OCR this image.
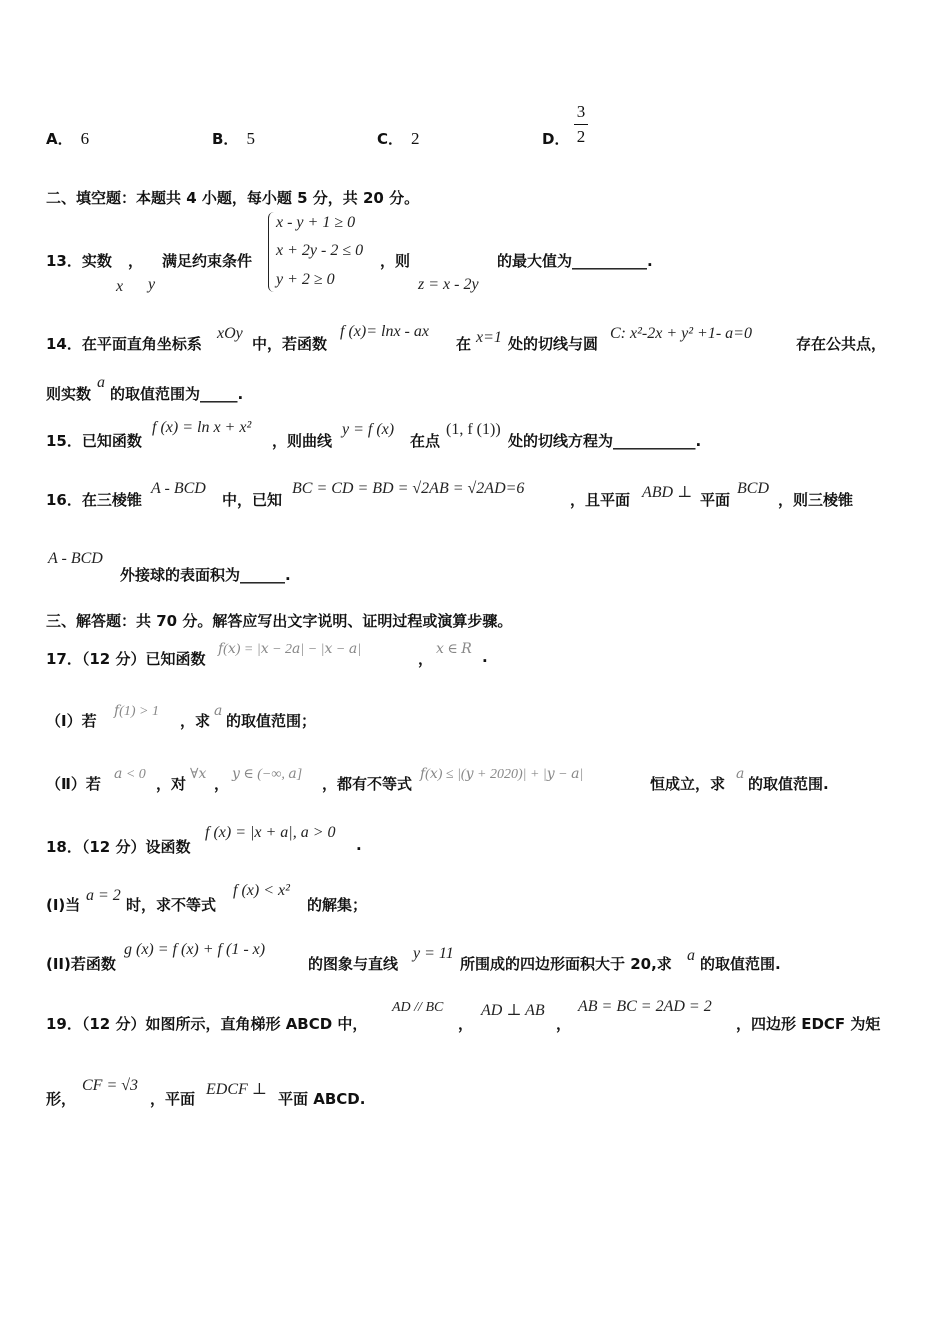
A． 6	B． 5	C． 2	D．
3
2
二、填空题：本题共 4 小题，每小题 5 分，共 20 分。
13．实数 ， 满足约束条件
x y
x - y + 1 ≥ 0
x + 2y - 2 ≤ 0
y + 2 ≥ 0
，则
z = x - 2y
的最大值为__________.
14．在平面直角坐标系
xOy
中，若函数
f (x)= lnx - ax
在 x=1 处的切线与圆
C: x²-2x + y² +1- a=0
存在公共点，
则实数
a
的取值范围为_____.
15．已知函数
f (x) = ln x + x²
，则曲线
y = f (x)
在点
(1, f (1))
处的切线方程为___________.
16．在三棱锥
A - BCD
中，已知
BC = CD = BD = √2AB = √2AD=6
，且平面 ABD ⊥ 平面
BCD
，则三棱锥
A - BCD
外接球的表面积为______.
三、解答题：共 70 分。解答应写出文字说明、证明过程或演算步骤。
17．（12 分）已知函数
𝑓(𝑥) = |𝑥 − 2𝑎| − |𝑥 − 𝑎|
，
𝑥 ∈ 𝑅 .
（Ⅰ）若
𝑓(1) > 1
，求
𝑎
的取值范围；
（Ⅱ）若
𝑎 < 0
，对
∀𝑥
，
𝑦 ∈ (−∞, 𝑎]
，都有不等式
𝑓(𝑥) ≤ |(𝑦 + 2020)| + |𝑦 − 𝑎|
恒成立，求
𝑎
的取值范围.
18．（12 分）设函数
f (x) = |x + a|, a > 0
.
(I)当
a = 2
时，求不等式
f (x) < x²
的解集；
(II)若函数
g (x) = f (x) + f (1 - x)
的图象与直线
y = 11
所围成的四边形面积大于 20,求 a 的取值范围.
19．（12 分）如图所示，直角梯形 ABCD 中，
AD // BC
，
AD ⊥ AB
，
AB = BC = 2AD = 2
，四边形 EDCF 为矩
形，
CF = √3
，平面
EDCF ⊥
平面 ABCD.
